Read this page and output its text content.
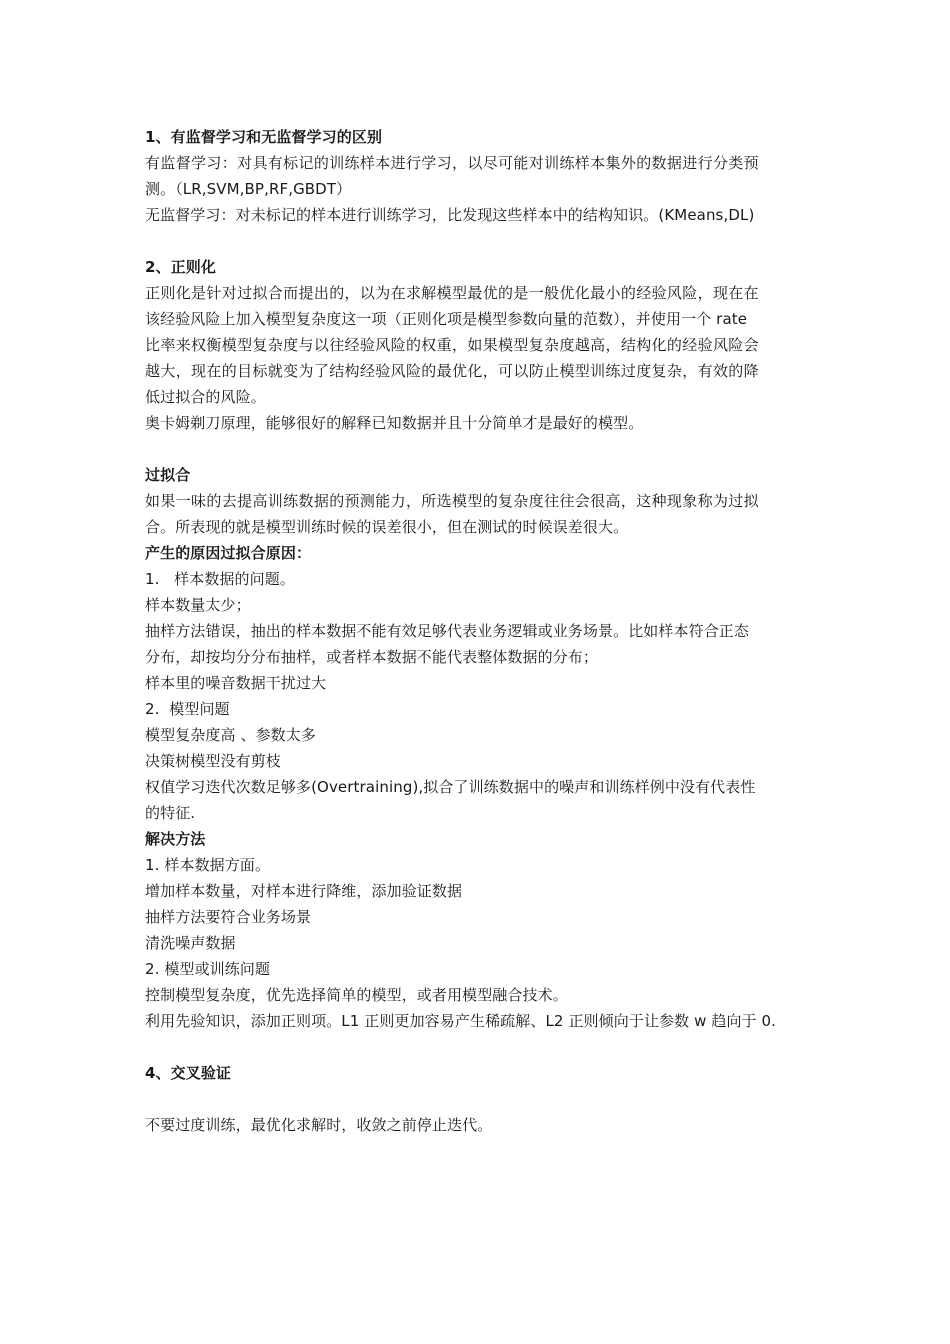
1、有监督学习和无监督学习的区别
有监督学习：对具有标记的训练样本进行学习，以尽可能对训练样本集外的数据进行分类预
测。（LR,SVM,BP,RF,GBDT）
无监督学习：对未标记的样本进行训练学习，比发现这些样本中的结构知识。(KMeans,DL)
2、正则化
正则化是针对过拟合而提出的，以为在求解模型最优的是一般优化最小的经验风险，现在在
该经验风险上加入模型复杂度这一项（正则化项是模型参数向量的范数），并使用一个 rate
比率来权衡模型复杂度与以往经验风险的权重，如果模型复杂度越高，结构化的经验风险会
越大，现在的目标就变为了结构经验风险的最优化，可以防止模型训练过度复杂，有效的降
低过拟合的风险。
奥卡姆剃刀原理，能够很好的解释已知数据并且十分简单才是最好的模型。
过拟合
如果一味的去提高训练数据的预测能力，所选模型的复杂度往往会很高，这种现象称为过拟
合。所表现的就是模型训练时候的误差很小，但在测试的时候误差很大。
产生的原因过拟合原因：
1.   样本数据的问题。
样本数量太少；
抽样方法错误，抽出的样本数据不能有效足够代表业务逻辑或业务场景。比如样本符合正态
分布，却按均分分布抽样，或者样本数据不能代表整体数据的分布；
样本里的噪音数据干扰过大
2.  模型问题
模型复杂度高 、参数太多
决策树模型没有剪枝
权值学习迭代次数足够多(Overtraining),拟合了训练数据中的噪声和训练样例中没有代表性
的特征.
解决方法
1. 样本数据方面。
增加样本数量，对样本进行降维，添加验证数据
抽样方法要符合业务场景
清洗噪声数据
2. 模型或训练问题
控制模型复杂度，优先选择简单的模型，或者用模型融合技术。
利用先验知识，添加正则项。L1 正则更加容易产生稀疏解、L2 正则倾向于让参数 w 趋向于 0.
4、交叉验证
不要过度训练，最优化求解时，收敛之前停止迭代。
